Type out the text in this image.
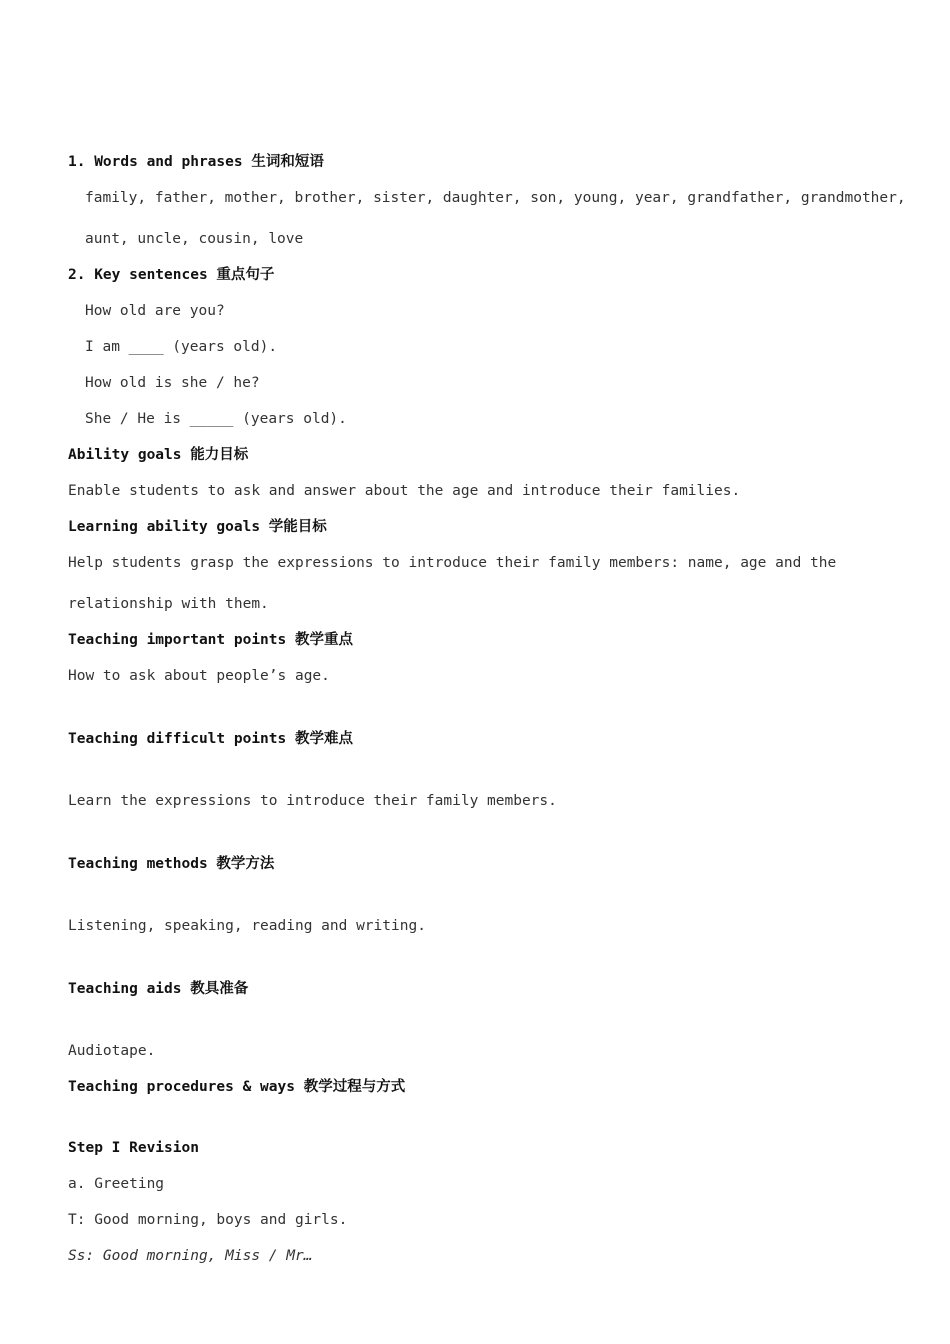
1. Words and phrases 生词和短语
family, father, mother, brother, sister, daughter, son, young, year, grandfather, grandmother,
aunt, uncle, cousin, love
2. Key sentences 重点句子
How old are you?
I am ____ (years old).
How old is she / he?
She / He is _____ (years old).
Ability goals 能力目标
Enable students to ask and answer about the age and introduce their families.
Learning ability goals 学能目标
Help students grasp the expressions to introduce their family members: name, age and the
relationship with them.
Teaching important points 教学重点
How to ask about people’s age.
Teaching difficult points 教学难点
Learn the expressions to introduce their family members.
Teaching methods 教学方法
Listening, speaking, reading and writing.
Teaching aids 教具准备
Audiotape.
Teaching procedures & ways 教学过程与方式
Step I Revision
a. Greeting
T: Good morning, boys and girls.
Ss: Good morning, Miss / Mr…
